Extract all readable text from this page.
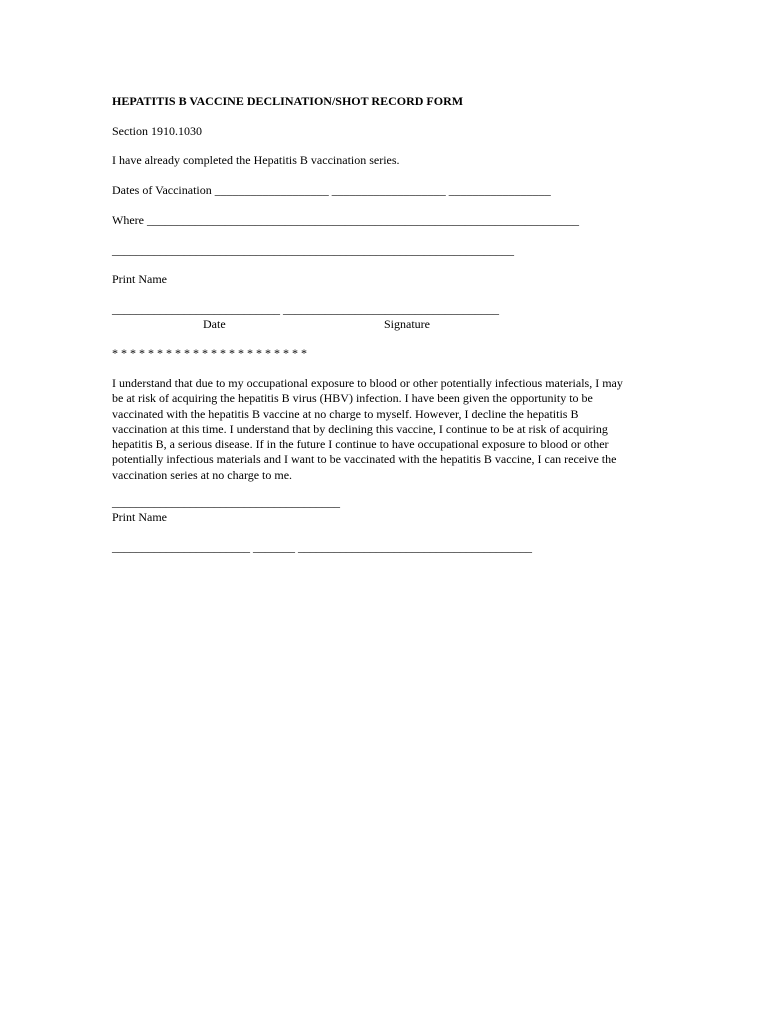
HEPATITIS B VACCINE DECLINATION/SHOT RECORD FORM
Section 1910.1030
I have already completed the Hepatitis B vaccination series.
Dates of Vaccination ___________________ ___________________ _________________
Where ________________________________________________________________________
___________________________________________________________________
Print Name
____________________________ ____________________________________
Date	Signature
* * * * * * * * * * * * * * * * * * * * * *
I understand that due to my occupational exposure to blood or other potentially infectious materials, I may
be at risk of acquiring the hepatitis B virus (HBV) infection. I have been given the opportunity to be
vaccinated with the hepatitis B vaccine at no charge to myself. However, I decline the hepatitis B
vaccination at this time. I understand that by declining this vaccine, I continue to be at risk of acquiring
hepatitis B, a serious disease. If in the future I continue to have occupational exposure to blood or other
potentially infectious materials and I want to be vaccinated with the hepatitis B vaccine, I can receive the
vaccination series at no charge to me.
______________________________________
Print Name
_______________________ _______ _______________________________________
